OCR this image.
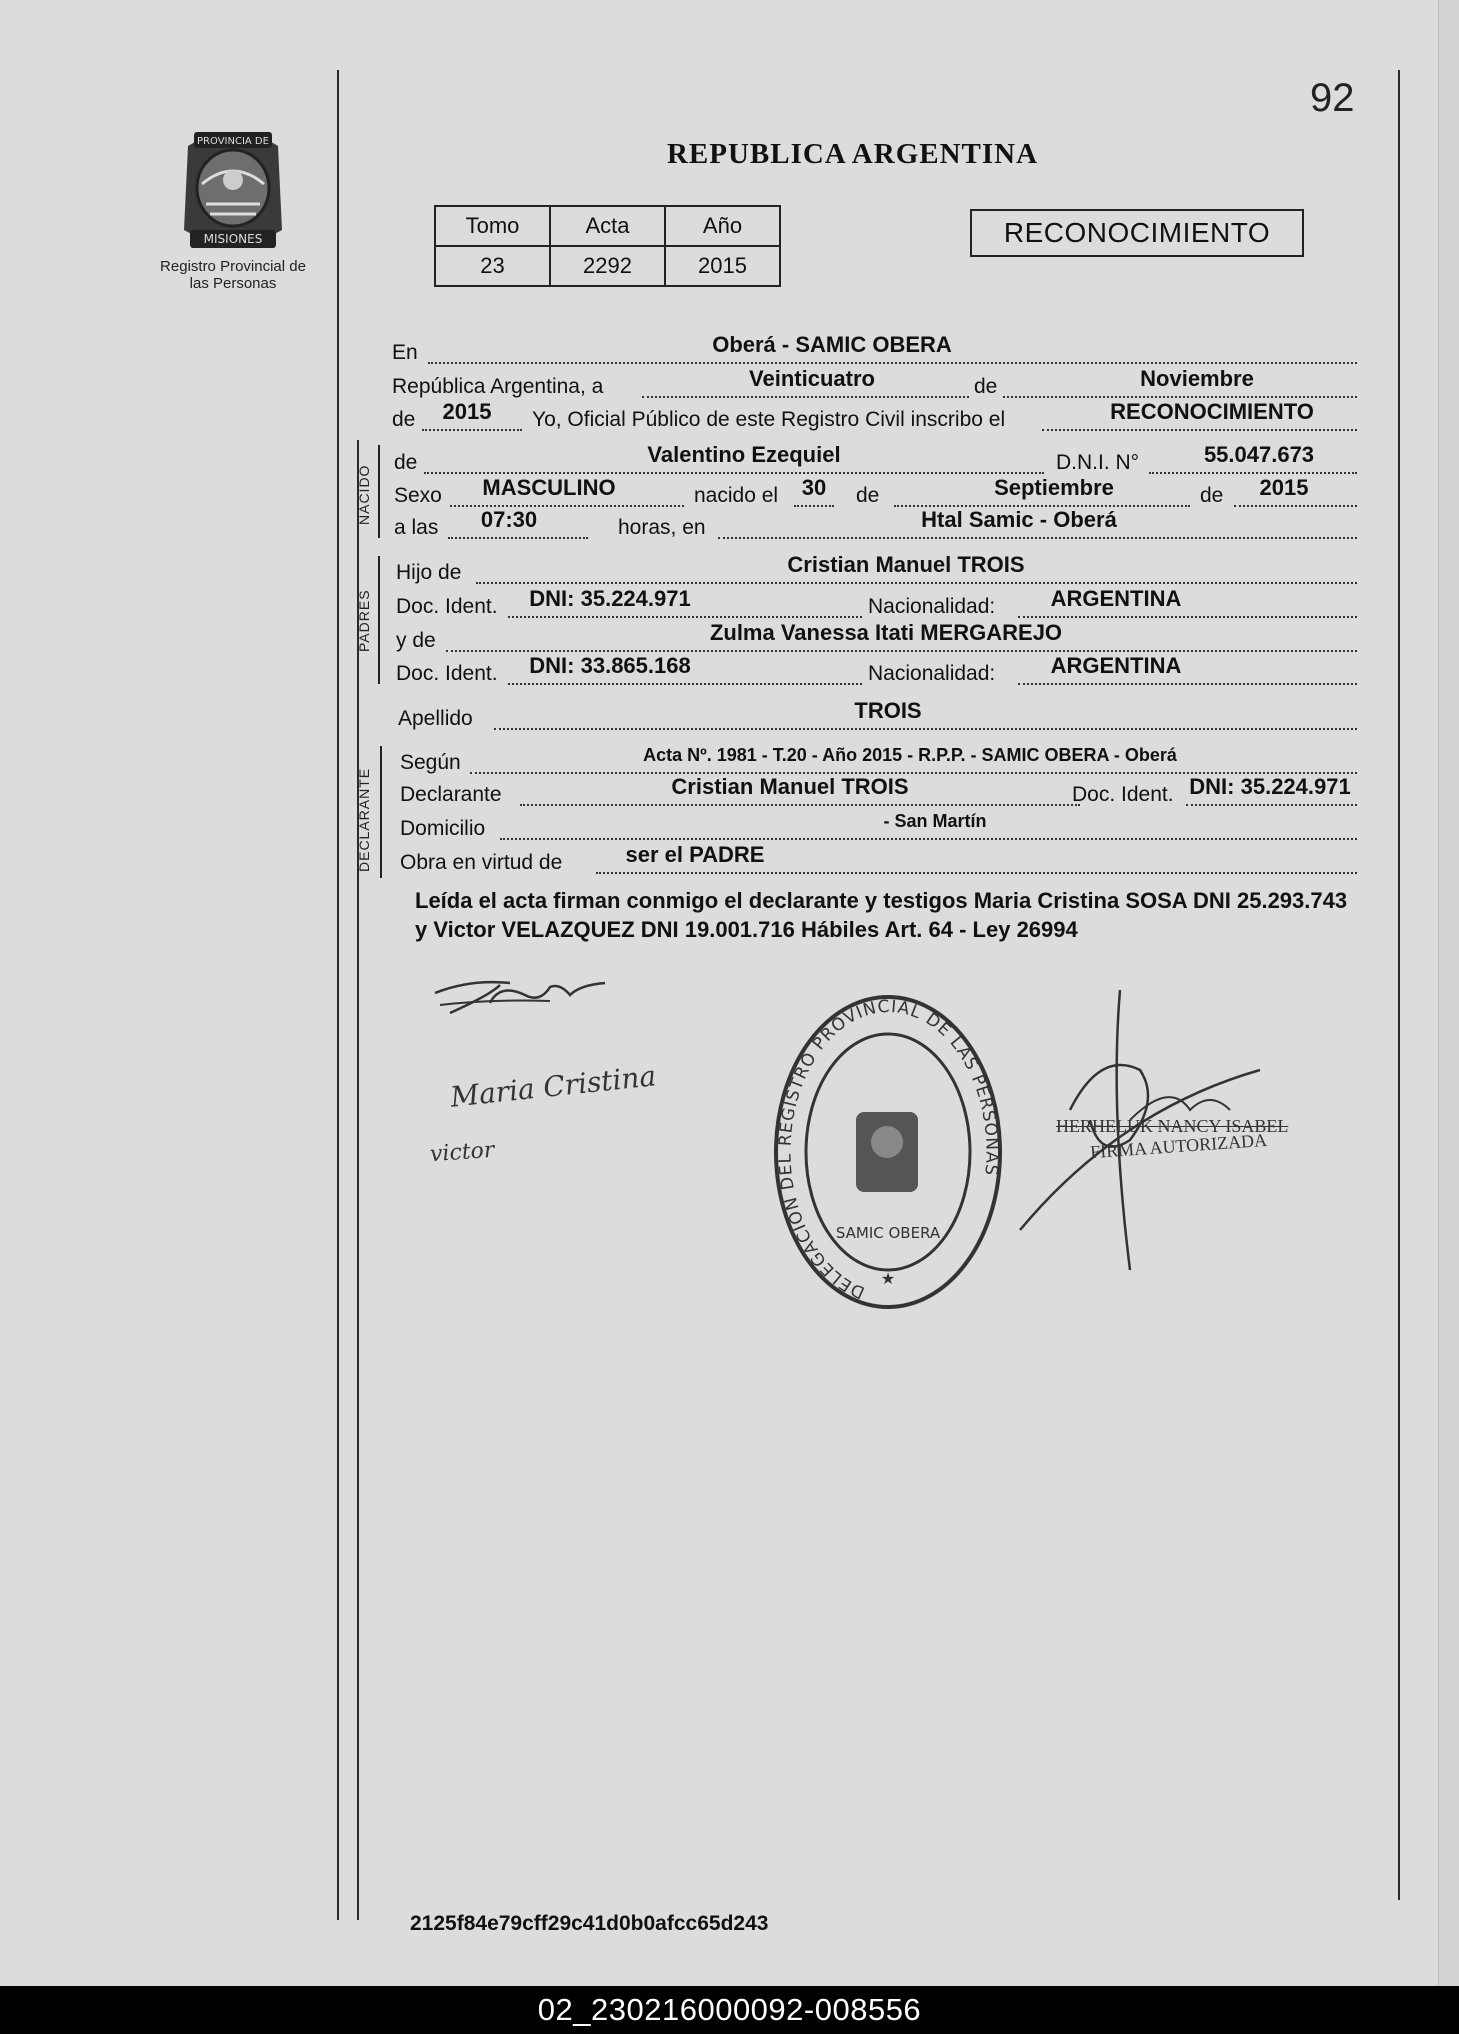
92
PROVINCIA DE
MISIONES
Registro Provincial de las Personas
REPUBLICA ARGENTINA
Tomo	Acta	Año
23	2292	2015
RECONOCIMIENTO
En	Oberá - SAMIC OBERA
República Argentina, a	Veinticuatro	de	Noviembre
de	2015	Yo, Oficial Público de este Registro Civil inscribo el	RECONOCIMIENTO
NACIDO
de	Valentino Ezequiel	D.N.I. N°	55.047.673
Sexo	MASCULINO	nacido el	30	de	Septiembre	de	2015
a las	07:30	horas, en	Htal Samic - Oberá
PADRES
Hijo de	Cristian Manuel TROIS
Doc. Ident.	DNI: 35.224.971	Nacionalidad:	ARGENTINA
y de	Zulma Vanessa Itati MERGAREJO
Doc. Ident.	DNI: 33.865.168	Nacionalidad:	ARGENTINA
Apellido	TROIS
DECLARANTE
Según	Acta Nº. 1981 - T.20 - Año 2015 - R.P.P. - SAMIC OBERA - Oberá
Declarante	Cristian Manuel TROIS	Doc. Ident. DNI: 35.224.971
Domicilio	- San Martín
Obra en virtud de	ser el PADRE
Leída el acta firman conmigo el declarante y testigos Maria Cristina SOSA DNI 25.293.743 y Victor VELAZQUEZ DNI 19.001.716 Hábiles Art. 64 - Ley 26994
Maria Cristina
victor
DELEGACIÓN DEL REGISTRO PROVINCIAL DE LAS PERSONAS
SAMIC OBERA
★
HERHELUK NANCY ISABEL
FIRMA AUTORIZADA
2125f84e79cff29c41d0b0afcc65d243
02_230216000092-008556
